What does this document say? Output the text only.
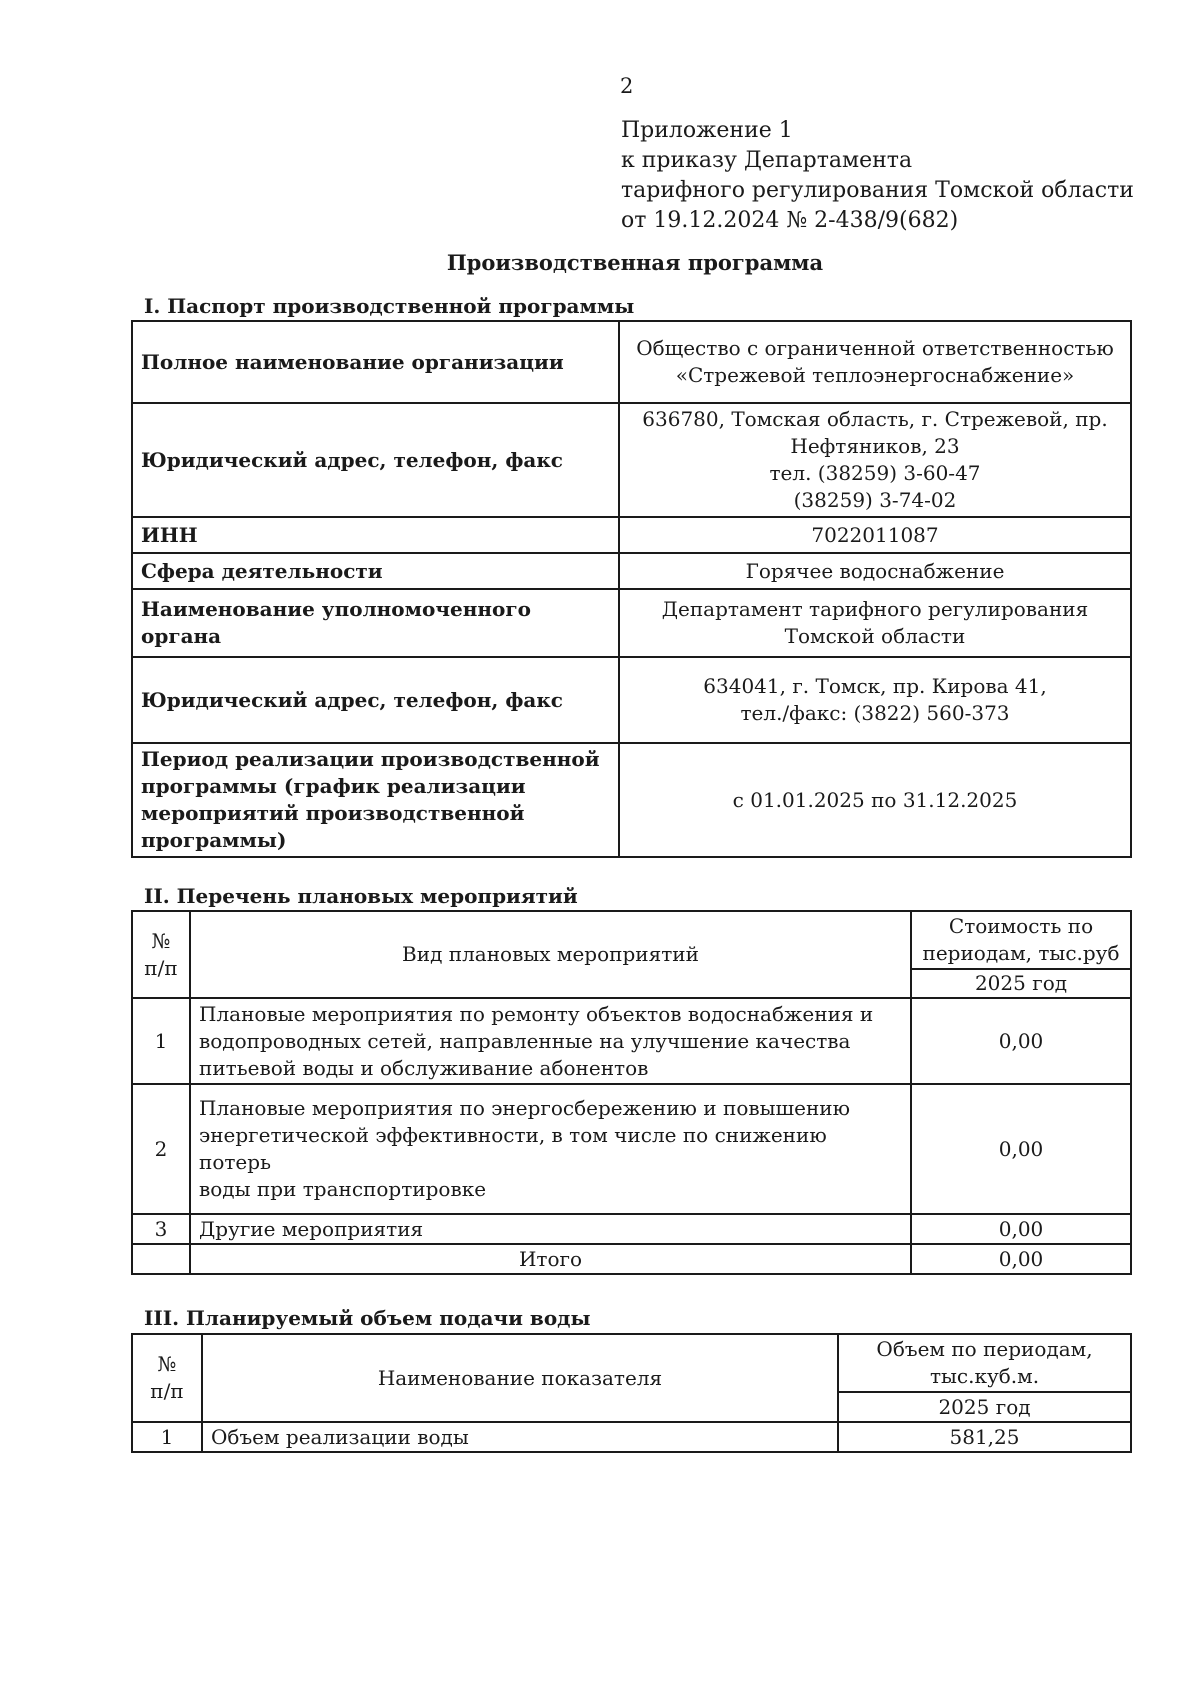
2
Приложение 1
к приказу Департамента
тарифного регулирования Томской области
от 19.12.2024 № 2-438/9(682)
Производственная программа
I. Паспорт производственной программы
Полное наименование организации	Общество с ограниченной ответственностью
«Стрежевой теплоэнергоснабжение»

Юридический адрес, телефон, факс	636780, Томская область, г. Стрежевой, пр.
Нефтяников, 23
тел. (38259) 3-60-47
(38259) 3-74-02

ИНН	7022011087

Сфера деятельности	Горячее водоснабжение

Наименование уполномоченного органа	Департамент тарифного регулирования
Томской области

Юридический адрес, телефон, факс	634041, г. Томск, пр. Кирова 41,
тел./факс: (3822) 560-373

Период реализации производственной
программы (график реализации
мероприятий производственной
программы)	с 01.01.2025 по 31.12.2025
II. Перечень плановых мероприятий
№
п/п	Вид плановых мероприятий	Стоимость по
периодам, тыс.руб

		2025 год
1	Плановые мероприятия по ремонту объектов водоснабжения и
водопроводных сетей, направленные на улучшение качества
питьевой воды и обслуживание абонентов	0,00
2	Плановые мероприятия по энергосбережению и повышению
энергетической эффективности, в том числе по снижению потерь
воды при транспортировке	0,00
3	Другие мероприятия	0,00
	Итого	0,00
III. Планируемый объем подачи воды
№
п/п	Наименование показателя	Объем по периодам,
тыс.куб.м.

		2025 год
1	Объем реализации воды	581,25
